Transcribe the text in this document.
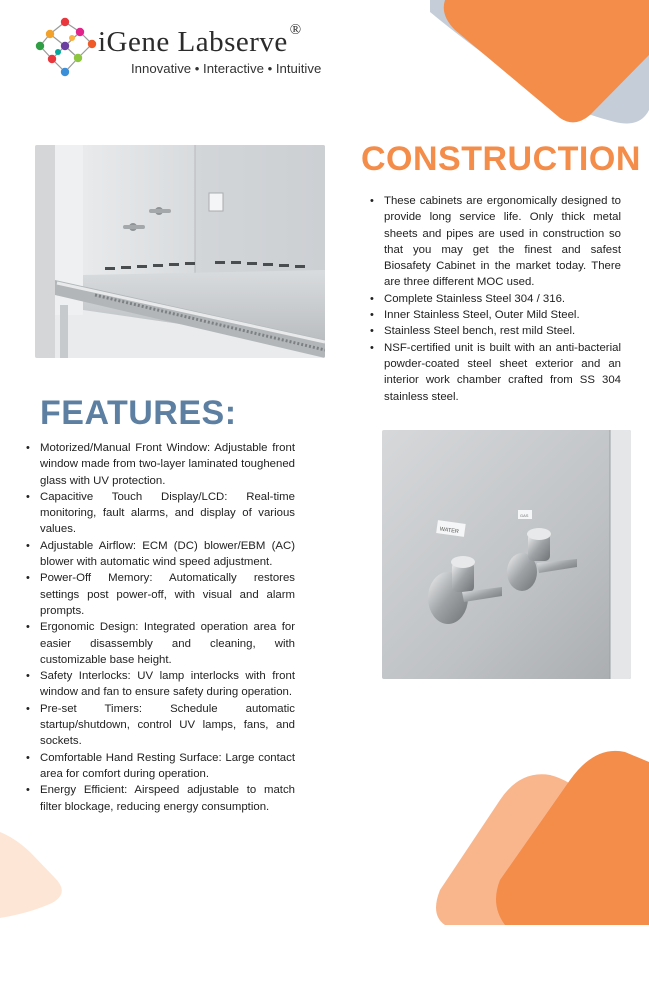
iGene Labserve ®
Innovative • Interactive • Intuitive
WATER
GAS
CONSTRUCTION
FEATURES:
• These cabinets are ergonomically designed to provide long service life. Only thick metal sheets and pipes are used in construction so that you may get the finest and safest Biosafety Cabinet in the market today. There are three different MOC used.
• Complete Stainless Steel 304 / 316.
• Inner Stainless Steel, Outer Mild Steel.
• Stainless Steel bench, rest mild Steel.
• NSF-certified unit is built with an anti-bacterial powder-coated steel sheet exterior and an interior work chamber crafted from SS 304 stainless steel.
• Motorized/Manual Front Window: Adjustable front window made from two-layer laminated toughened glass with UV protection.
• Capacitive Touch Display/LCD: Real-time monitoring, fault alarms, and display of various values.
• Adjustable Airflow: ECM (DC) blower/EBM (AC) blower with automatic wind speed adjustment.
• Power-Off Memory: Automatically restores settings post power-off, with visual and alarm prompts.
• Ergonomic Design: Integrated operation area for easier disassembly and cleaning, with customizable base height.
• Safety Interlocks: UV lamp interlocks with front window and fan to ensure safety during operation.
• Pre-set Timers: Schedule automatic startup/shutdown, control UV lamps, fans, and sockets.
• Comfortable Hand Resting Surface: Large contact area for comfort during operation.
• Energy Efficient: Airspeed adjustable to match filter blockage, reducing energy consumption.
